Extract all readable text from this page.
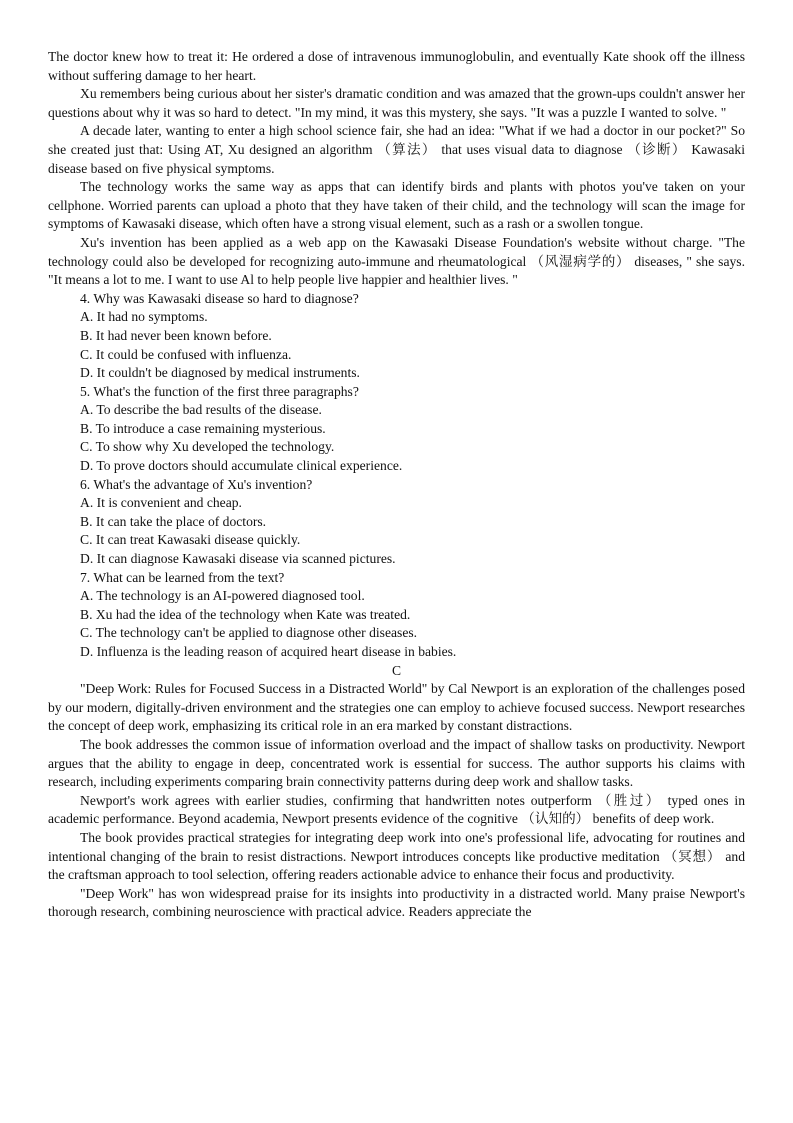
The doctor knew how to treat it: He ordered a dose of intravenous immunoglobulin, and eventually Kate shook off the illness without suffering damage to her heart.

Xu remembers being curious about her sister's dramatic condition and was amazed that the grown-ups couldn't answer her questions about why it was so hard to detect. "In my mind, it was this mystery, she says. "It was a puzzle I wanted to solve. "

A decade later, wanting to enter a high school science fair, she had an idea: "What if we had a doctor in our pocket?" So she created just that: Using AT, Xu designed an algorithm （算法） that uses visual data to diagnose （诊断） Kawasaki disease based on five physical symptoms.

The technology works the same way as apps that can identify birds and plants with photos you've taken on your cellphone. Worried parents can upload a photo that they have taken of their child, and the technology will scan the image for symptoms of Kawasaki disease, which often have a strong visual element, such as a rash or a swollen tongue.

Xu's invention has been applied as a web app on the Kawasaki Disease Foundation's website without charge. "The technology could also be developed for recognizing auto-immune and rheumatological （风湿病学的） diseases, " she says. "It means a lot to me. I want to use Al to help people live happier and healthier lives. "

4. Why was Kawasaki disease so hard to diagnose?

A. It had no symptoms.

B. It had never been known before.

C. It could be confused with influenza.

D. It couldn't be diagnosed by medical instruments.

5. What's the function of the first three paragraphs?

A. To describe the bad results of the disease.

B. To introduce a case remaining mysterious.

C. To show why Xu developed the technology.

D. To prove doctors should accumulate clinical experience.

6. What's the advantage of Xu's invention?

A. It is convenient and cheap.

B. It can take the place of doctors.

C. It can treat Kawasaki disease quickly.

D. It can diagnose Kawasaki disease via scanned pictures.

7. What can be learned from the text?

A. The technology is an AI-powered diagnosed tool.

B. Xu had the idea of the technology when Kate was treated.

C. The technology can't be applied to diagnose other diseases.

D. Influenza is the leading reason of acquired heart disease in babies.

C

"Deep Work: Rules for Focused Success in a Distracted World" by Cal Newport is an exploration of the challenges posed by our modern, digitally-driven environment and the strategies one can employ to achieve focused success. Newport researches the concept of deep work, emphasizing its critical role in an era marked by constant distractions.

The book addresses the common issue of information overload and the impact of shallow tasks on productivity. Newport argues that the ability to engage in deep, concentrated work is essential for success. The author supports his claims with research, including experiments comparing brain connectivity patterns during deep work and shallow tasks.

Newport's work agrees with earlier studies, confirming that handwritten notes outperform （胜过） typed ones in academic performance. Beyond academia, Newport presents evidence of the cognitive （认知的） benefits of deep work.

The book provides practical strategies for integrating deep work into one's professional life, advocating for routines and intentional changing of the brain to resist distractions. Newport introduces concepts like productive meditation （冥想） and the craftsman approach to tool selection, offering readers actionable advice to enhance their focus and productivity.

"Deep Work" has won widespread praise for its insights into productivity in a distracted world. Many praise Newport's thorough research, combining neuroscience with practical advice. Readers appreciate the
